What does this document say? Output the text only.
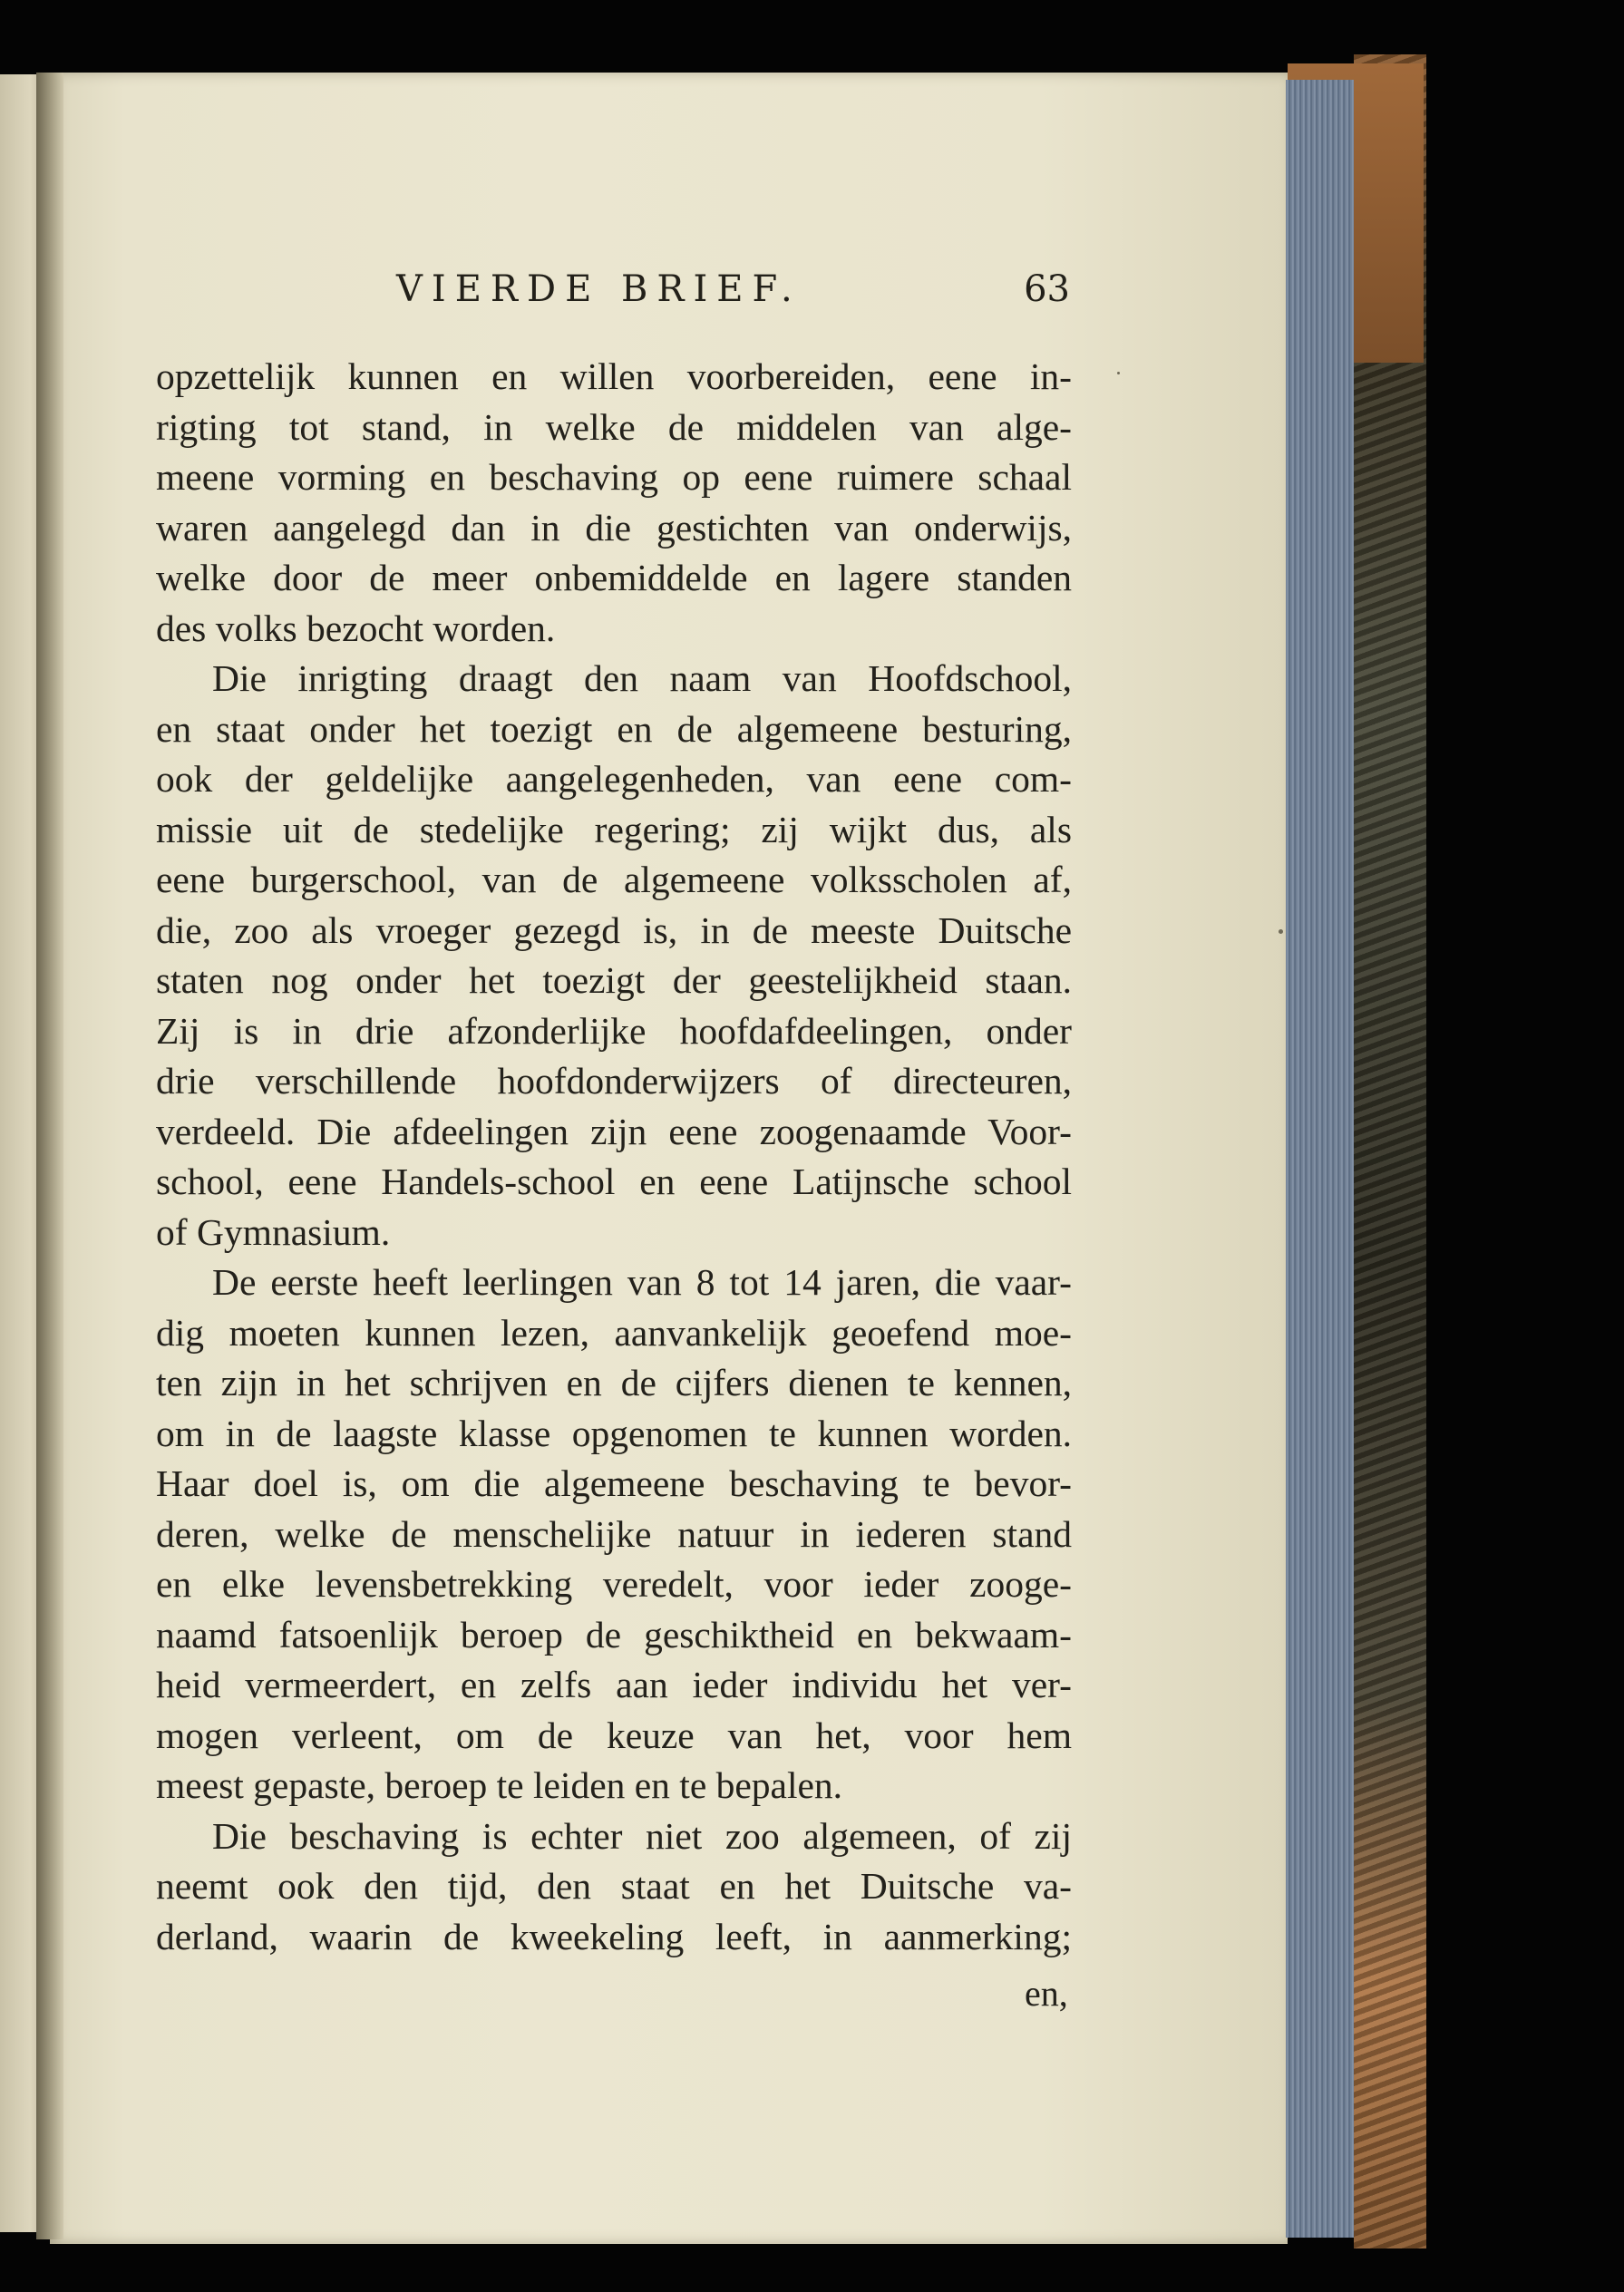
VIERDE BRIEF.	63
opzettelijk kunnen en willen voorbereiden, eene in-
rigting tot stand, in welke de middelen van alge-
meene vorming en beschaving op eene ruimere schaal
waren aangelegd dan in die gestichten van onderwijs,
welke door de meer onbemiddelde en lagere standen
des volks bezocht worden.
Die inrigting draagt den naam van Hoofdschool,
en staat onder het toezigt en de algemeene besturing,
ook der geldelijke aangelegenheden, van eene com-
missie uit de stedelijke regering; zij wijkt dus, als
eene burgerschool, van de algemeene volksscholen af,
die, zoo als vroeger gezegd is, in de meeste Duitsche
staten nog onder het toezigt der geestelijkheid staan.
Zij is in drie afzonderlijke hoofdafdeelingen, onder
drie verschillende hoofdonderwijzers of directeuren,
verdeeld. Die afdeelingen zijn eene zoogenaamde Voor-
school, eene Handels-school en eene Latijnsche school
of Gymnasium.
De eerste heeft leerlingen van 8 tot 14 jaren, die vaar-
dig moeten kunnen lezen, aanvankelijk geoefend moe-
ten zijn in het schrijven en de cijfers dienen te kennen,
om in de laagste klasse opgenomen te kunnen worden.
Haar doel is, om die algemeene beschaving te bevor-
deren, welke de menschelijke natuur in iederen stand
en elke levensbetrekking veredelt, voor ieder zooge-
naamd fatsoenlijk beroep de geschiktheid en bekwaam-
heid vermeerdert, en zelfs aan ieder individu het ver-
mogen verleent, om de keuze van het, voor hem
meest gepaste, beroep te leiden en te bepalen.
Die beschaving is echter niet zoo algemeen, of zij
neemt ook den tijd, den staat en het Duitsche va-
derland, waarin de kweekeling leeft, in aanmerking;
en,
